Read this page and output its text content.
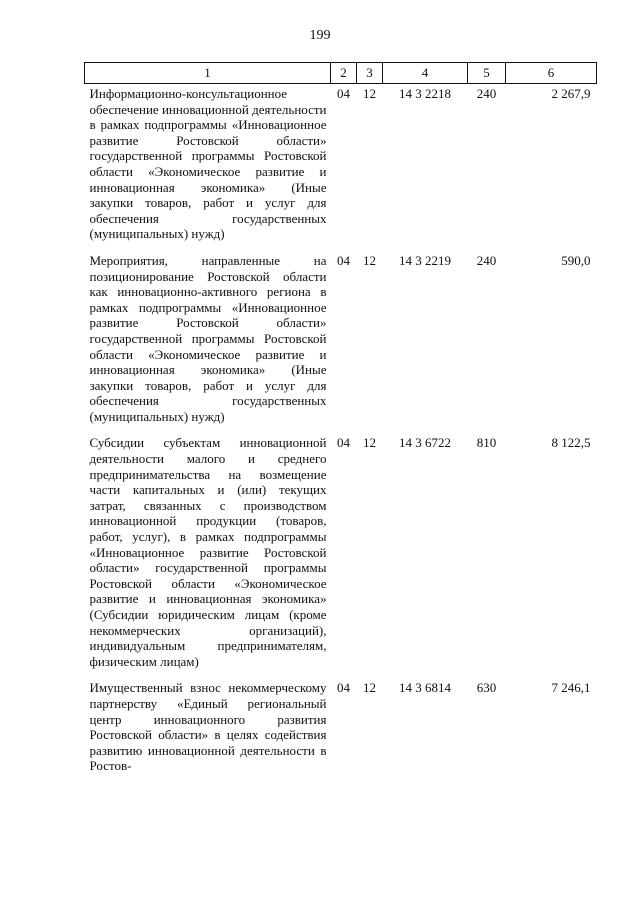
199
1	2	3	4	5	6
Информационно-консультационное обеспечение инновационной деятельности в рамках подпрограммы «Инновационное развитие Ростовской области» государственной программы Ростовской области «Экономическое развитие и инновационная экономика» (Иные закупки товаров, работ и услуг для обеспечения государственных (муниципальных) нужд)	04	12	14 3 2218	240	2 267,9
Мероприятия, направленные на позиционирование Ростовской области как инновационно-активного региона в рамках подпрограммы «Инновационное развитие Ростовской области» государственной программы Ростовской области «Экономическое развитие и инновационная экономика» (Иные закупки товаров, работ и услуг для обеспечения государственных (муниципальных) нужд)	04	12	14 3 2219	240	590,0
Субсидии субъектам инновационной деятельности малого и среднего предпринимательства на возмещение части капитальных и (или) текущих затрат, связанных с производством инновационной продукции (товаров, работ, услуг), в рамках подпрограммы «Инновационное развитие Ростовской области» государственной программы Ростовской области «Экономическое развитие и инновационная экономика» (Субсидии юридическим лицам (кроме некоммерческих организаций), индивидуальным предпринимателям, физическим лицам)	04	12	14 3 6722	810	8 122,5
Имущественный взнос некоммерческому партнерству «Единый региональный центр инновационного развития Ростовской области» в целях содействия развитию инновационной деятельности в Ростов-	04	12	14 3 6814	630	7 246,1
